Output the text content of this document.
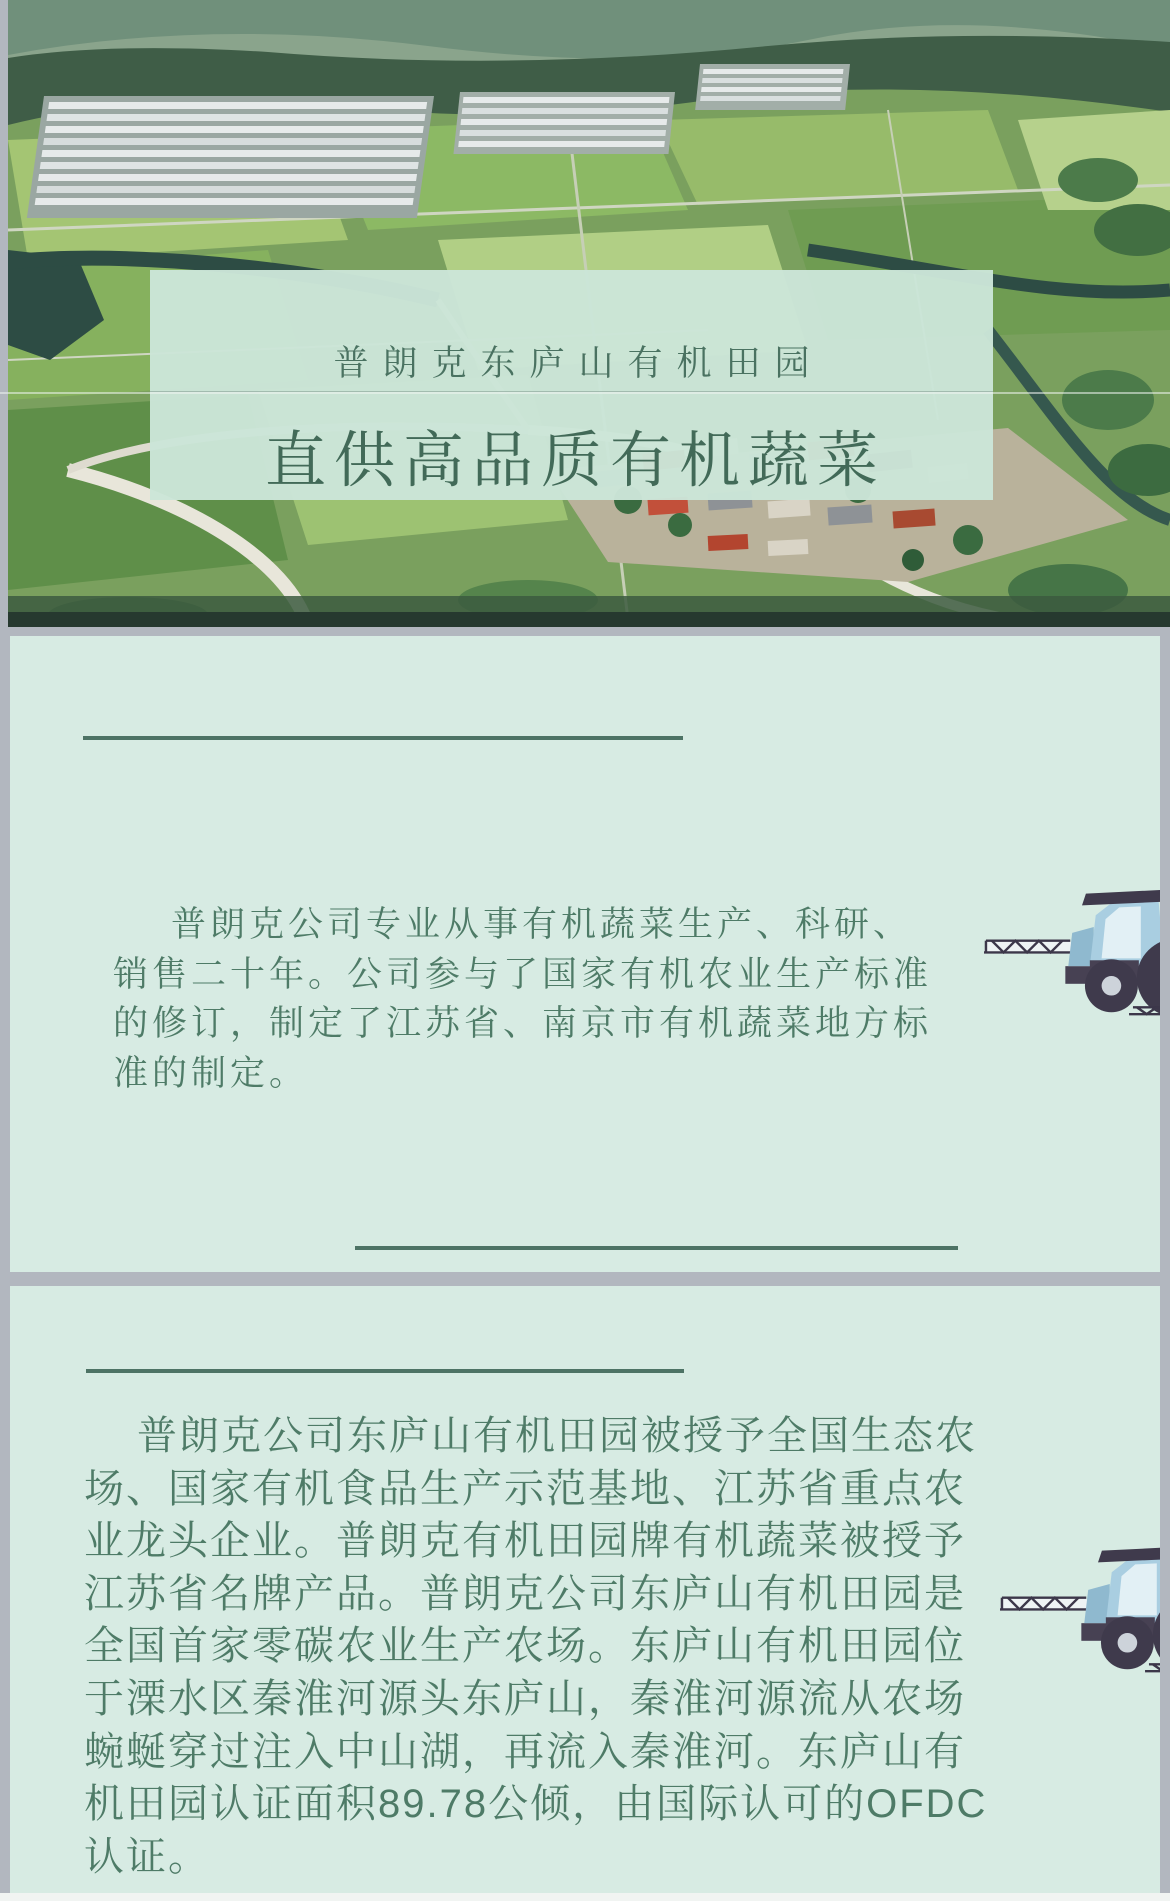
普朗克东庐山有机田园
直供高品质有机蔬菜
普朗克公司专业从事有机蔬菜生产、科研、
销售二十年。公司参与了国家有机农业生产标准
的修订，制定了江苏省、南京市有机蔬菜地方标
准的制定。
普朗克公司东庐山有机田园被授予全国生态农
场、国家有机食品生产示范基地、江苏省重点农
业龙头企业。普朗克有机田园牌有机蔬菜被授予
江苏省名牌产品。普朗克公司东庐山有机田园是
全国首家零碳农业生产农场。东庐山有机田园位
于溧水区秦淮河源头东庐山，秦淮河源流从农场
蜿蜒穿过注入中山湖，再流入秦淮河。东庐山有
机田园认证面积89.78公倾，由国际认可的OFDC
认证。
